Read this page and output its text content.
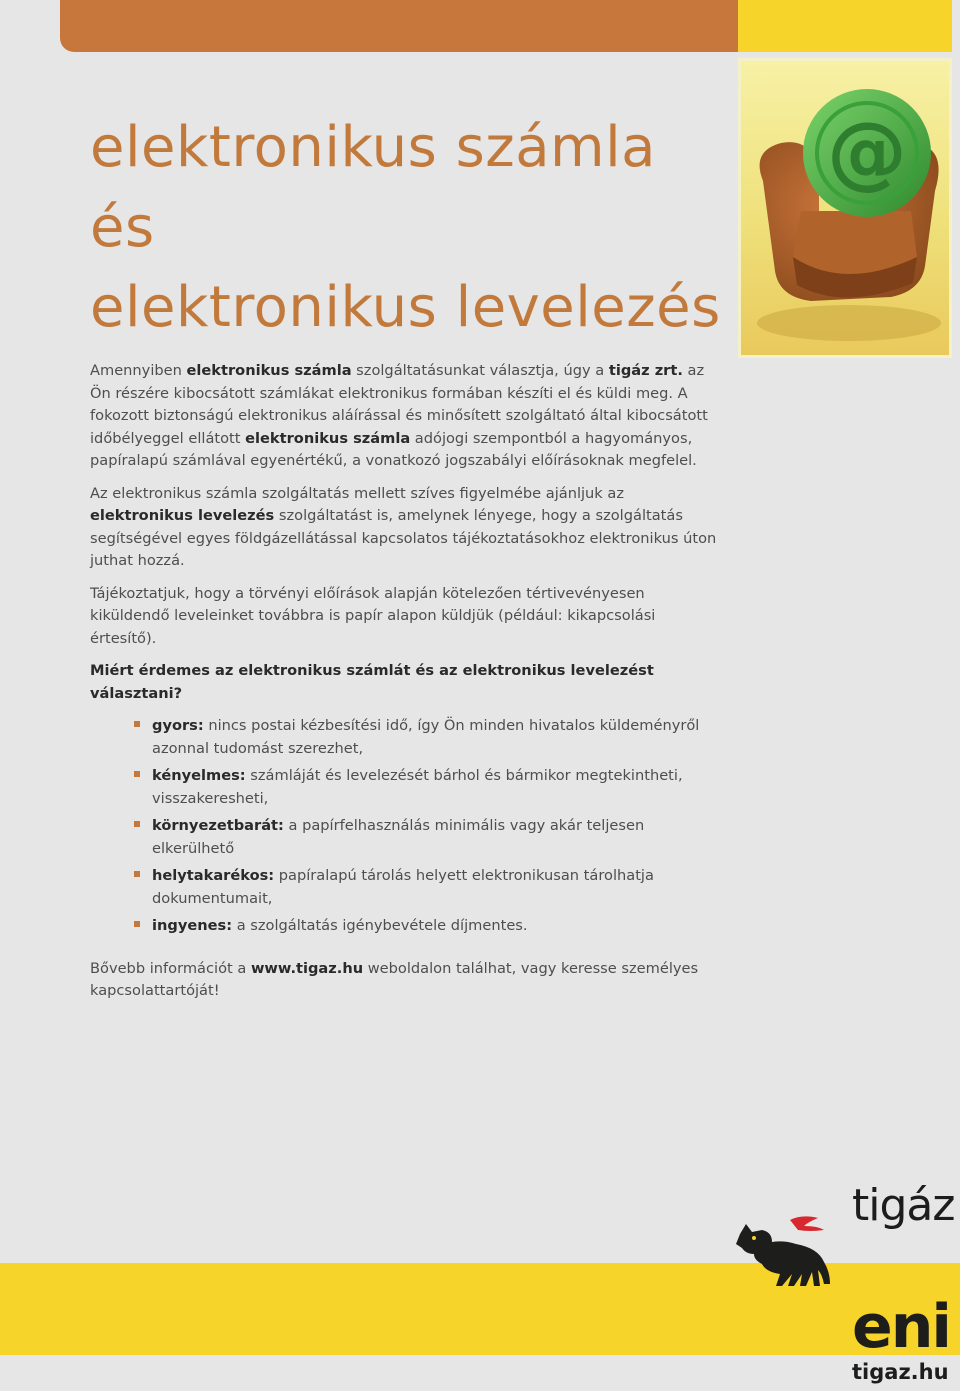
@
elektronikus számla és
elektronikus levelezés

Amennyiben elektronikus számla szolgáltatásunkat választja, úgy a tigáz zrt. az Ön részére kibocsátott számlákat elektronikus formában készíti el és küldi meg. A fokozott biztonságú elektronikus aláírással és minősített szolgáltató által kibocsátott időbélyeggel ellátott elektronikus számla adójogi szempontból a hagyományos, papíralapú számlával egyenértékű, a vonatkozó jogszabályi előírásoknak megfelel.

Az elektronikus számla szolgáltatás mellett szíves figyelmébe ajánljuk az elektronikus levelezés szolgáltatást is, amelynek lényege, hogy a szolgáltatás segítségével egyes földgázellátással kapcsolatos tájékoztatásokhoz elektronikus úton juthat hozzá.

Tájékoztatjuk, hogy a törvényi előírások alapján kötelezően tértivevényesen kiküldendő leveleinket továbbra is papír alapon küldjük (például: kikapcsolási értesítő).

Miért érdemes az elektronikus számlát és az elektronikus levelezést választani?

gyors: nincs postai kézbesítési idő, így Ön minden hivatalos küldeményről azonnal tudomást szerezhet,
kényelmes: számláját és levelezését bárhol és bármikor megtekintheti, visszakeresheti,
környezetbarát: a papírfelhasználás minimális vagy akár teljesen elkerülhető
helytakarékos: papíralapú tárolás helyett elektronikusan tárolhatja dokumentumait,
ingyenes: a szolgáltatás igénybevétele díjmentes.

Bővebb információt a www.tigaz.hu weboldalon találhat, vagy keresse személyes kapcsolattartóját!

tigáz
eni
tigaz.hu
